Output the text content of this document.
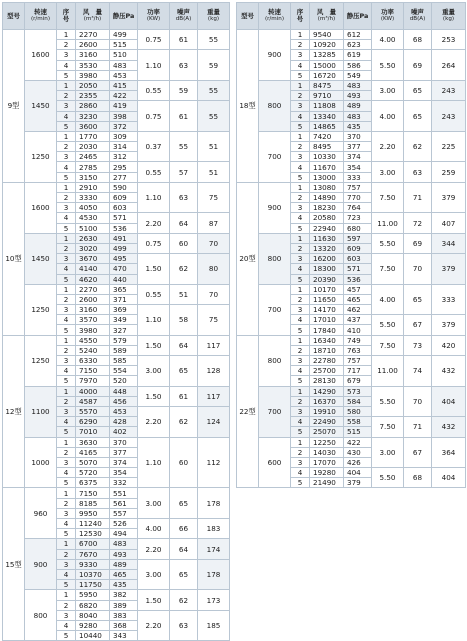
型号	转速
(r/min)	序
号	风　量
(m³/h)	静压Pa	功率
(KW)	噪声
dB(A)	重量
(kg)

9型	1600	1	2270	499	0.75	61	55
		2	2600	515			
		3	3160	510	1.10	63	59
		4	3530	483			
		5	3980	453			
	1450	1	2050	415	0.55	59	55
		2	2355	422			
		3	2860	419	0.75	61	55
		4	3230	398			
		5	3600	372			
	1250	1	1770	309	0.37	55	51
		2	2030	314			
		3	2465	312			
		4	2785	295	0.55	57	51
		5	3150	277			
10型	1600	1	2910	590	1.10	63	75
		2	3330	609			
		3	4050	603			
		4	4530	571	2.20	64	87
		5	5100	536			
	1450	1	2630	491	0.75	60	70
		2	3020	499			
		3	3670	495	1.50	62	80
		4	4140	470			
		5	4620	440			
	1250	1	2270	365	0.55	51	70
		2	2600	371			
		3	3160	369	1.10	58	75
		4	3570	349			
		5	3980	327			
12型	1250	1	4550	579	1.50	64	117
		2	5240	589			
		3	6330	585	3.00	65	128
		4	7150	554			
		5	7970	520			
	1100	1	4000	448	1.50	61	117
		2	4587	456			
		3	5570	453	2.20	62	124
		4	6290	428			
		5	7010	402			
	1000	1	3630	370	1.10	60	112
		2	4165	377			
		3	5070	374			
		4	5720	354			
		5	6375	332			
15型	960	1	7150	551	3.00	65	178
		2	8185	561			
		3	9950	557			
		4	11240	526	4.00	66	183
		5	12530	494			
	900	1	6700	483	2.20	64	174
		2	7670	493			
		3	9330	489	3.00	65	178
		4	10370	465			
		5	11750	435			
	800	1	5950	382	1.50	62	173
		2	6820	389			
		3	8040	383	2.20	63	185
		4	9280	368			
		5	10440	343			
型号	转速
(r/min)	序
号	风　量
(m³/h)	静压Pa	功率
(KW)	噪声
dB(A)	重量
(kg)

18型	900	1	9540	612	4.00	68	253
		2	10920	623			
		3	13285	619	5.50	69	264
		4	15000	586			
		5	16720	549			
	800	1	8475	483	3.00	65	243
		2	9710	493			
		3	11808	489	4.00	65	243
		4	13340	483			
		5	14865	435			
	700	1	7420	370	2.20	62	225
		2	8495	377			
		3	10330	374			
		4	11670	354	3.00	63	259
		5	13000	333			
20型	900	1	13080	757	7.50	71	379
		2	14890	770			
		3	18230	764			
		4	20580	723	11.00	72	407
		5	22940	680			
	800	1	11630	597	5.50	69	344
		2	13320	609			
		3	16200	603	7.50	70	379
		4	18300	571			
		5	20390	536			
	700	1	10170	457	4.00	65	333
		2	11650	465			
		3	14170	462			
		4	17010	437	5.50	67	379
		5	17840	410			
22型	800	1	16340	749	7.50	73	420
		2	18710	763			
		3	22780	757	11.00	74	432
		4	25700	717			
		5	28130	679			
	700	1	14290	573	5.50	70	404
		2	16370	584			
		3	19910	580			
		4	22490	558	7.50	71	432
		5	25070	515			
	600	1	12250	422	3.00	67	364
		2	14030	430			
		3	17070	426			
		4	19280	404	5.50	68	404
		5	21490	379			
